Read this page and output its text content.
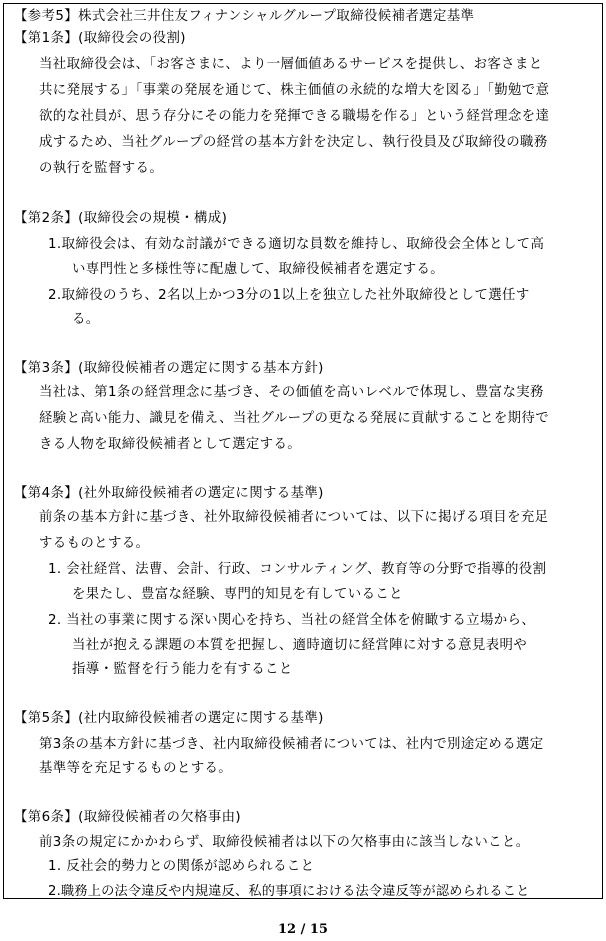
【参考5】株式会社三井住友フィナンシャルグループ取締役候補者選定基準
【第1条】(取締役会の役割)
当社取締役会は、「お客さまに、より一層価値あるサービスを提供し、お客さまと
共に発展する」「事業の発展を通じて、株主価値の永続的な増大を図る」「勤勉で意
欲的な社員が、思う存分にその能力を発揮できる職場を作る」という経営理念を達
成するため、当社グループの経営の基本方針を決定し、執行役員及び取締役の職務
の執行を監督する。
【第2条】(取締役会の規模・構成)
1.取締役会は、有効な討議ができる適切な員数を維持し、取締役会全体として高
い専門性と多様性等に配慮して、取締役候補者を選定する。
2.取締役のうち、2名以上かつ3分の1以上を独立した社外取締役として選任す
る。
【第3条】(取締役候補者の選定に関する基本方針)
当社は、第1条の経営理念に基づき、その価値を高いレベルで体現し、豊富な実務
経験と高い能力、識見を備え、当社グループの更なる発展に貢献することを期待で
きる人物を取締役候補者として選定する。
【第4条】(社外取締役候補者の選定に関する基準)
前条の基本方針に基づき、社外取締役候補者については、以下に掲げる項目を充足
するものとする。
1. 会社経営、法曹、会計、行政、コンサルティング、教育等の分野で指導的役割
を果たし、豊富な経験、専門的知見を有していること
2. 当社の事業に関する深い関心を持ち、当社の経営全体を俯瞰する立場から、
当社が抱える課題の本質を把握し、適時適切に経営陣に対する意見表明や
指導・監督を行う能力を有すること
【第5条】(社内取締役候補者の選定に関する基準)
第3条の基本方針に基づき、社内取締役候補者については、社内で別途定める選定
基準等を充足するものとする。
【第6条】(取締役候補者の欠格事由)
前3条の規定にかかわらず、取締役候補者は以下の欠格事由に該当しないこと。
1. 反社会的勢力との関係が認められること
2.職務上の法令違反や内規違反、私的事項における法令違反等が認められること
12 / 15
